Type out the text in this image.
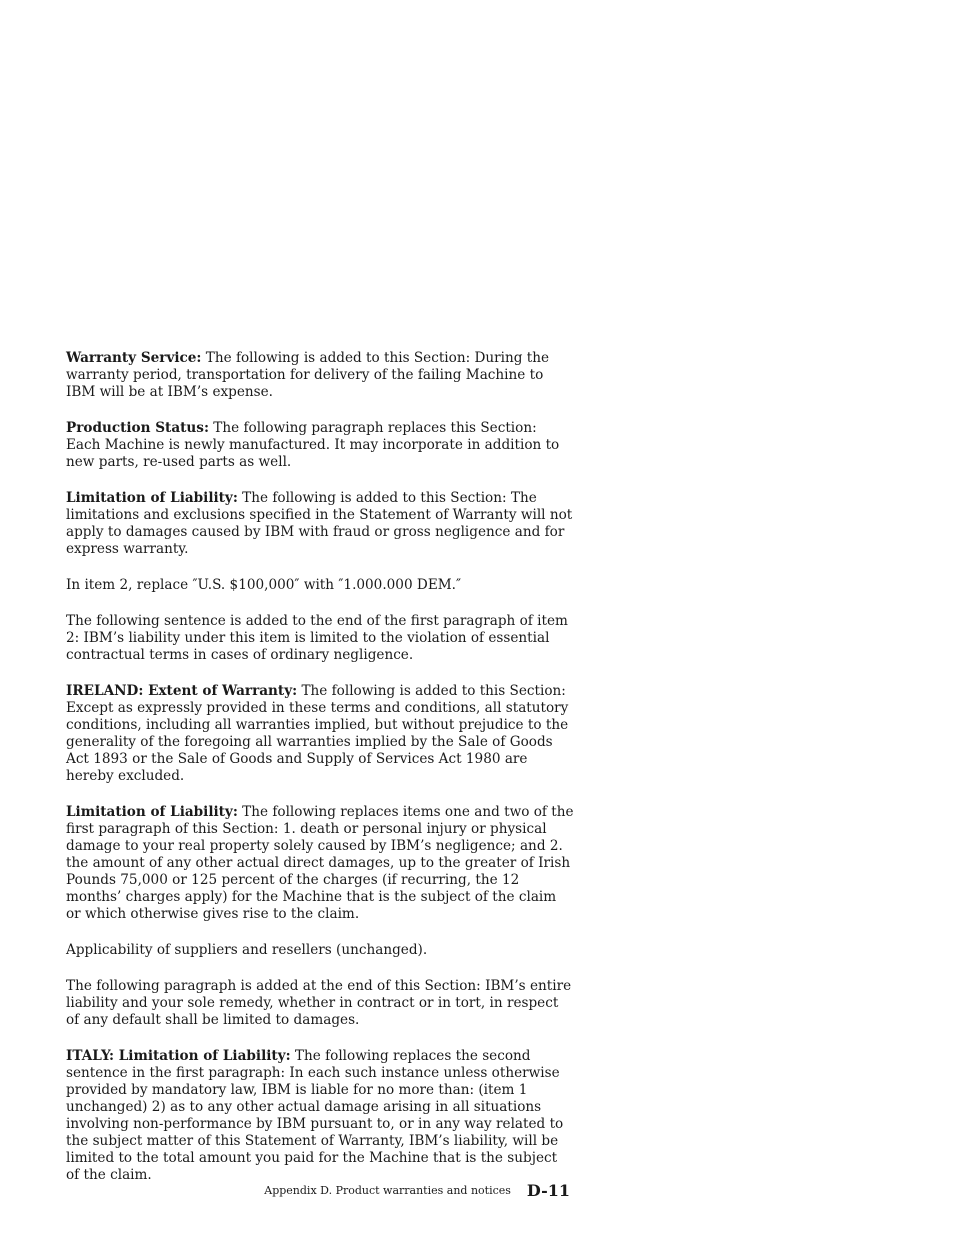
Warranty Service: The following is added to this Section: During the warranty period, transportation for delivery of the failing Machine to IBM will be at IBM’s expense.

Production Status: The following paragraph replaces this Section: Each Machine is newly manufactured. It may incorporate in addition to new parts, re-used parts as well.

Limitation of Liability: The following is added to this Section: The limitations and exclusions specified in the Statement of Warranty will not apply to damages caused by IBM with fraud or gross negligence and for express warranty.

In item 2, replace ″U.S. $100,000″ with ″1.000.000 DEM.″

The following sentence is added to the end of the first paragraph of item 2: IBM’s liability under this item is limited to the violation of essential contractual terms in cases of ordinary negligence.

IRELAND: Extent of Warranty: The following is added to this Section: Except as expressly provided in these terms and conditions, all statutory conditions, including all warranties implied, but without prejudice to the generality of the foregoing all warranties implied by the Sale of Goods Act 1893 or the Sale of Goods and Supply of Services Act 1980 are hereby excluded.

Limitation of Liability: The following replaces items one and two of the first paragraph of this Section: 1. death or personal injury or physical damage to your real property solely caused by IBM’s negligence; and 2. the amount of any other actual direct damages, up to the greater of Irish Pounds 75,000 or 125 percent of the charges (if recurring, the 12 months’ charges apply) for the Machine that is the subject of the claim or which otherwise gives rise to the claim.

Applicability of suppliers and resellers (unchanged).

The following paragraph is added at the end of this Section: IBM’s entire liability and your sole remedy, whether in contract or in tort, in respect of any default shall be limited to damages.

ITALY: Limitation of Liability: The following replaces the second sentence in the first paragraph: In each such instance unless otherwise provided by mandatory law, IBM is liable for no more than: (item 1 unchanged) 2) as to any other actual damage arising in all situations involving non-performance by IBM pursuant to, or in any way related to the subject matter of this Statement of Warranty, IBM’s liability, will be limited to the total amount you paid for the Machine that is the subject of the claim.

Appendix D. Product warranties and notices D-11
